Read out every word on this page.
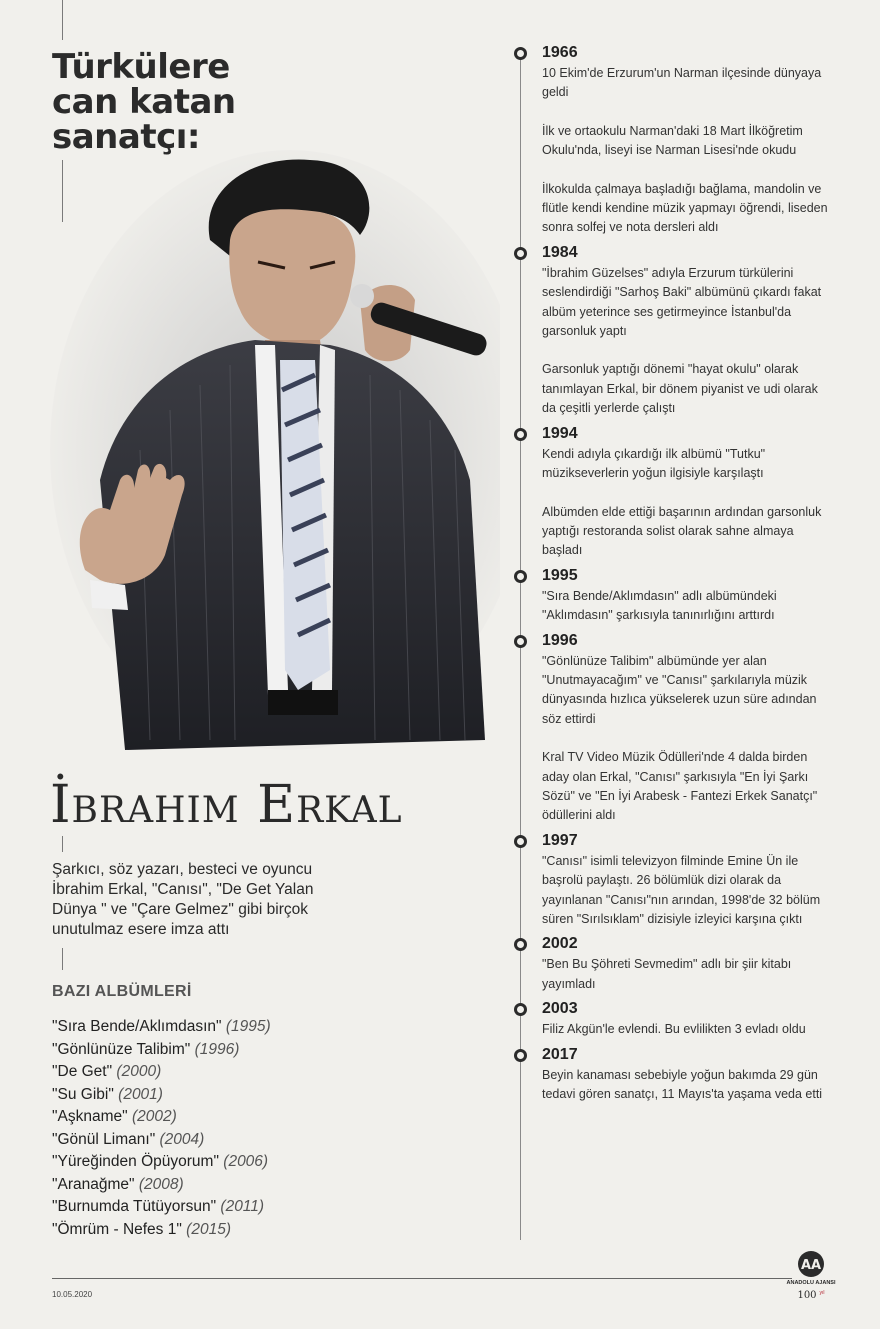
Türkülere
can katan
sanatçı:
İbrahim Erkal
Şarkıcı, söz yazarı, besteci ve oyuncu
İbrahim Erkal, "Canısı", "De Get Yalan
Dünya " ve "Çare Gelmez" gibi birçok
unutulmaz esere imza attı
BAZI ALBÜMLERİ
"Sıra Bende/Aklımdasın" (1995)
"Gönlünüze Talibim" (1996)
"De Get" (2000)
"Su Gibi" (2001)
"Aşkname" (2002)
"Gönül Limanı" (2004)
"Yüreğinden Öpüyorum" (2006)
"Aranağme" (2008)
"Burnumda Tütüyorsun" (2011)
"Ömrüm - Nefes 1" (2015)
1966

10 Ekim'de Erzurum'un Narman ilçesinde dünyaya geldi

İlk ve ortaokulu Narman'daki 18 Mart İlköğretim Okulu'nda, liseyi ise Narman Lisesi'nde okudu

İlkokulda çalmaya başladığı bağlama, mandolin ve flütle kendi kendine müzik yapmayı öğrendi, liseden sonra solfej ve nota dersleri aldı

1984

"İbrahim Güzelses" adıyla Erzurum türkülerini seslendirdiği "Sarhoş Baki" albümünü çıkardı fakat albüm yeterince ses getirmeyince İstanbul'da garsonluk yaptı

Garsonluk yaptığı dönemi "hayat okulu" olarak tanımlayan Erkal, bir dönem piyanist ve udi olarak da çeşitli yerlerde çalıştı

1994

Kendi adıyla çıkardığı ilk albümü "Tutku" müzikseverlerin yoğun ilgisiyle karşılaştı

Albümden elde ettiği başarının ardından garsonluk yaptığı restoranda solist olarak sahne almaya başladı

1995

"Sıra Bende/Aklımdasın" adlı albümündeki "Aklımdasın" şarkısıyla tanınırlığını arttırdı

1996

"Gönlünüze Talibim" albümünde yer alan "Unutmayacağım" ve "Canısı" şarkılarıyla müzik dünyasında hızlıca yükselerek uzun süre adından söz ettirdi

Kral TV Video Müzik Ödülleri'nde 4 dalda birden aday olan Erkal, "Canısı" şarkısıyla "En İyi Şarkı Sözü" ve "En İyi Arabesk - Fantezi Erkek Sanatçı" ödüllerini aldı

1997

"Canısı" isimli televizyon filminde Emine Ün ile başrolü paylaştı. 26 bölümlük dizi olarak da yayınlanan "Canısı"nın arından, 1998'de 32 bölüm süren "Sırılsıklam" dizisiyle izleyici karşına çıktı

2002

"Ben Bu Şöhreti Sevmedim" adlı bir şiir kitabı yayımladı

2003

Filiz Akgün'le evlendi. Bu evlilikten 3 evladı oldu

2017

Beyin kanaması sebebiyle yoğun bakımda 29 gün tedavi gören sanatçı, 11 Mayıs'ta yaşama veda etti

10.05.2020
AA
ANADOLU AJANSI
100 yıl
